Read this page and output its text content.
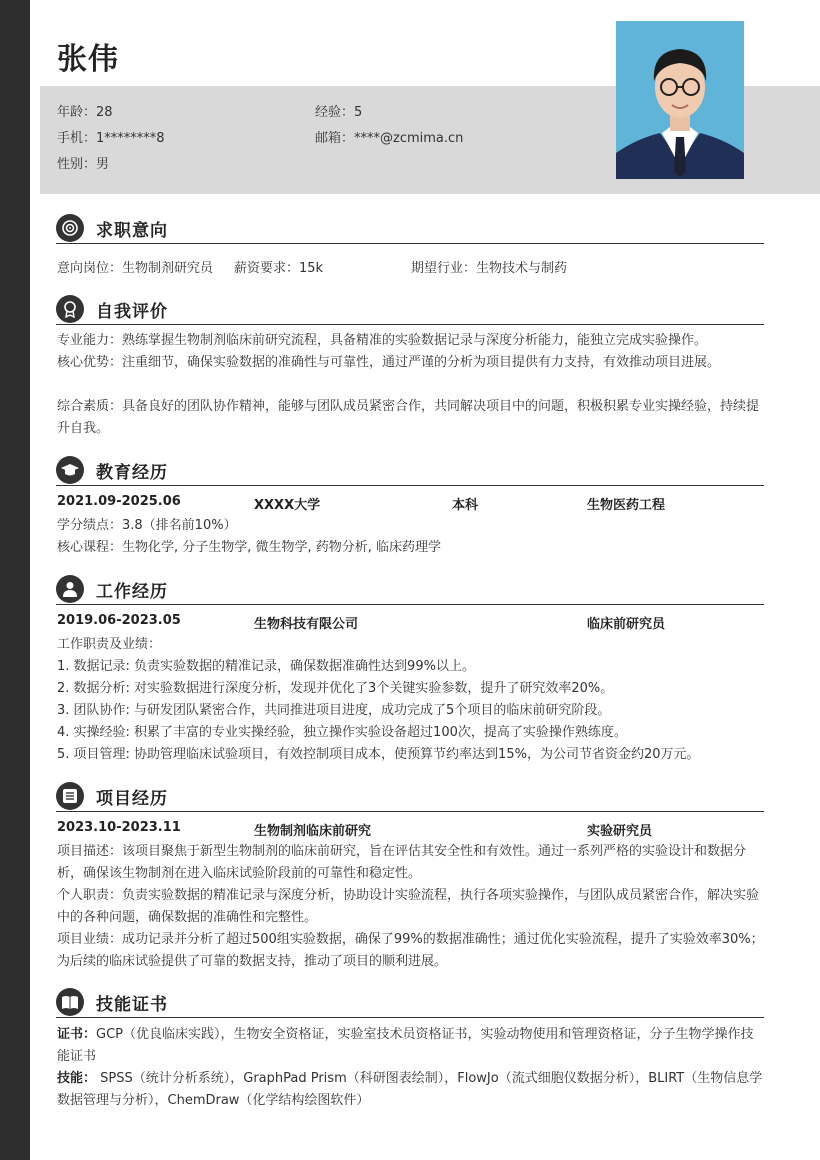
张伟
年龄：28	经验：5
手机：1********8	邮箱：****@zcmima.cn
性别：男
求职意向
意向岗位：生物制剂研究员 薪资要求：15k	期望行业：生物技术与制药
自我评价
专业能力：熟练掌握生物制剂临床前研究流程，具备精准的实验数据记录与深度分析能力，能独立完成实验操作。
核心优势：注重细节，确保实验数据的准确性与可靠性，通过严谨的分析为项目提供有力支持，有效推动项目进展。
综合素质：具备良好的团队协作精神，能够与团队成员紧密合作，共同解决项目中的问题，积极积累专业实操经验，持续提升自我。
教育经历
2021.09-2025.06	XXXX大学	本科	生物医药工程
学分绩点：3.8（排名前10%）
核心课程：生物化学, 分子生物学, 微生物学, 药物分析, 临床药理学
工作经历
2019.06-2023.05	生物科技有限公司	临床前研究员
工作职责及业绩：
1. 数据记录: 负责实验数据的精准记录，确保数据准确性达到99%以上。
2. 数据分析: 对实验数据进行深度分析，发现并优化了3个关键实验参数，提升了研究效率20%。
3. 团队协作: 与研发团队紧密合作，共同推进项目进度，成功完成了5个项目的临床前研究阶段。
4. 实操经验: 积累了丰富的专业实操经验，独立操作实验设备超过100次，提高了实验操作熟练度。
5. 项目管理: 协助管理临床试验项目，有效控制项目成本，使预算节约率达到15%，为公司节省资金约20万元。
项目经历
2023.10-2023.11	生物制剂临床前研究	实验研究员
项目描述：该项目聚焦于新型生物制剂的临床前研究，旨在评估其安全性和有效性。通过一系列严格的实验设计和数据分析，确保该生物制剂在进入临床试验阶段前的可靠性和稳定性。
个人职责：负责实验数据的精准记录与深度分析，协助设计实验流程，执行各项实验操作，与团队成员紧密合作，解决实验中的各种问题，确保数据的准确性和完整性。
项目业绩：成功记录并分析了超过500组实验数据，确保了99%的数据准确性；通过优化实验流程，提升了实验效率30%；为后续的临床试验提供了可靠的数据支持，推动了项目的顺利进展。
技能证书
证书：GCP（优良临床实践），生物安全资格证，实验室技术员资格证书，实验动物使用和管理资格证，分子生物学操作技能证书
技能： SPSS（统计分析系统），GraphPad Prism（科研图表绘制），FlowJo（流式细胞仪数据分析），BLIRT（生物信息学数据管理与分析），ChemDraw（化学结构绘图软件）
